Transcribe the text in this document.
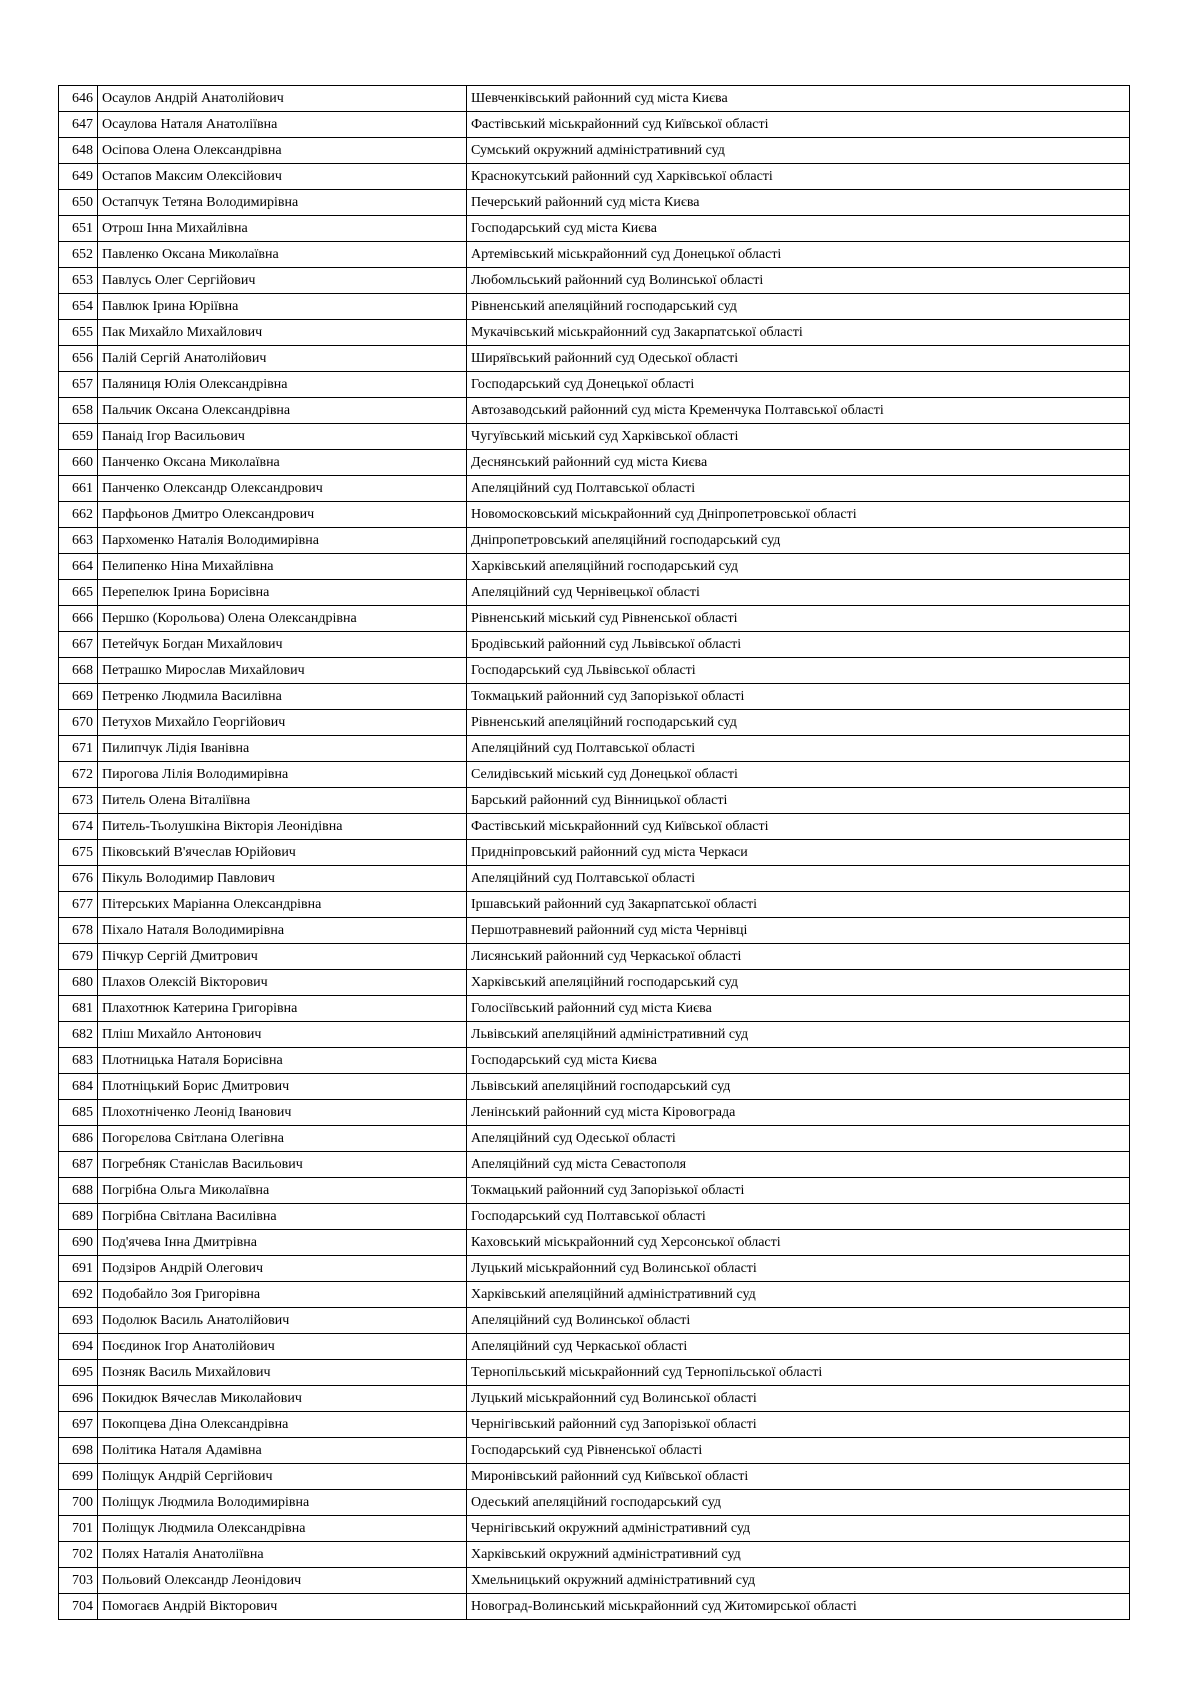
646	Осаулов Андрій Анатолійович	Шевченківський районний суд міста Києва
647	Осаулова Наталя Анатоліївна	Фастівський міськрайонний суд Київської області
648	Осіпова Олена Олександрівна	Сумський окружний адміністративний суд
649	Остапов Максим Олексійович	Краснокутський районний суд Харківської області
650	Остапчук Тетяна Володимирівна	Печерський районний суд міста Києва
651	Отрош Інна Михайлівна	Господарський суд міста Києва
652	Павленко Оксана Миколаївна	Артемівський міськрайонний суд Донецької області
653	Павлусь Олег Сергійович	Любомльський районний суд Волинської області
654	Павлюк Ірина Юріївна	Рівненський апеляційний господарський суд
655	Пак Михайло Михайлович	Мукачівський міськрайонний суд Закарпатської області
656	Палій Сергій Анатолійович	Ширяївський районний суд Одеської області
657	Паляниця Юлія Олександрівна	Господарський суд Донецької області
658	Пальчик Оксана Олександрівна	Автозаводський районний суд міста Кременчука Полтавської області
659	Панаід Ігор Васильович	Чугуївський міський суд Харківської області
660	Панченко Оксана Миколаївна	Деснянський районний суд міста Києва
661	Панченко Олександр Олександрович	Апеляційний суд Полтавської області
662	Парфьонов Дмитро Олександрович	Новомосковський міськрайонний суд Дніпропетровської області
663	Пархоменко Наталія Володимирівна	Дніпропетровський апеляційний господарський суд
664	Пелипенко Ніна Михайлівна	Харківський апеляційний господарський суд
665	Перепелюк Ірина Борисівна	Апеляційний суд Чернівецької області
666	Першко (Корольова) Олена Олександрівна	Рівненський міський суд Рівненської області
667	Петейчук Богдан Михайлович	Бродівський районний суд Львівської області
668	Петрашко Мирослав Михайлович	Господарський суд Львівської області
669	Петренко Людмила Василівна	Токмацький районний суд Запорізької області
670	Петухов Михайло Георгійович	Рівненський апеляційний господарський суд
671	Пилипчук Лідія Іванівна	Апеляційний суд Полтавської області
672	Пирогова Лілія Володимирівна	Селидівський міський суд Донецької області
673	Питель Олена Віталіївна	Барський районний суд Вінницької області
674	Питель-Тьолушкіна Вікторія Леонідівна	Фастівський міськрайонний суд Київської області
675	Піковський В'ячеслав Юрійович	Придніпровський районний суд міста Черкаси
676	Пікуль Володимир Павлович	Апеляційний суд Полтавської області
677	Пітерських Маріанна Олександрівна	Іршавський районний суд Закарпатської області
678	Піхало Наталя Володимирівна	Першотравневий районний суд міста Чернівці
679	Пічкур Сергій Дмитрович	Лисянський районний суд Черкаської області
680	Плахов Олексій Вікторович	Харківський апеляційний господарський суд
681	Плахотнюк Катерина Григорівна	Голосіївський районний суд міста Києва
682	Пліш Михайло Антонович	Львівський апеляційний адміністративний суд
683	Плотницька Наталя Борисівна	Господарський суд міста Києва
684	Плотніцький Борис Дмитрович	Львівський апеляційний господарський суд
685	Плохотніченко Леонід Іванович	Ленінський районний суд міста Кіровограда
686	Погорєлова Світлана Олегівна	Апеляційний суд Одеської області
687	Погребняк Станіслав Васильович	Апеляційний суд міста Севастополя
688	Погрібна Ольга Миколаївна	Токмацький районний суд Запорізької області
689	Погрібна Світлана Василівна	Господарський суд Полтавської області
690	Под'ячева Інна Дмитрівна	Каховський міськрайонний суд Херсонської області
691	Подзіров Андрій Олегович	Луцький міськрайонний суд Волинської області
692	Подобайло Зоя Григорівна	Харківський апеляційний адміністративний суд
693	Подолюк Василь Анатолійович	Апеляційний суд Волинської області
694	Поєдинок Ігор Анатолійович	Апеляційний суд Черкаської області
695	Позняк Василь Михайлович	Тернопільський міськрайонний суд Тернопільської області
696	Покидюк Вячеслав Миколайович	Луцький міськрайонний суд Волинської області
697	Покопцева Діна Олександрівна	Чернігівський районний суд Запорізької області
698	Політика Наталя Адамівна	Господарський суд Рівненської області
699	Поліщук Андрій Сергійович	Миронівський районний суд Київської області
700	Поліщук Людмила Володимирівна	Одеський апеляційний господарський суд
701	Поліщук Людмила Олександрівна	Чернігівський окружний адміністративний суд
702	Полях Наталія Анатоліївна	Харківський окружний адміністративний суд
703	Польовий Олександр Леонідович	Хмельницький окружний адміністративний суд
704	Помогаєв Андрій Вікторович	Новоград-Волинський міськрайонний суд Житомирської області
